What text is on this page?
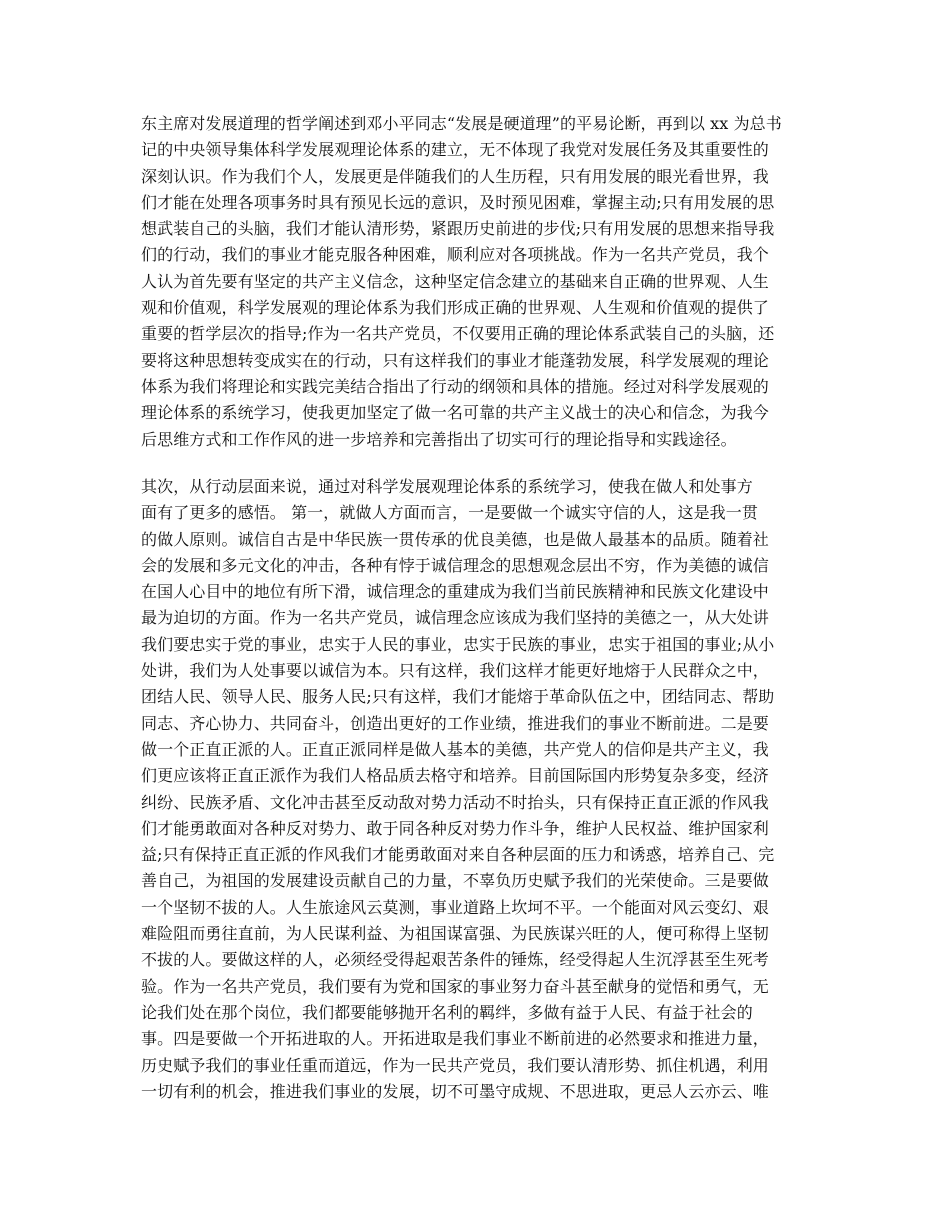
东主席对发展道理的哲学阐述到邓小平同志“发展是硬道理”的平易论断，再到以 xx 为总书
记的中央领导集体科学发展观理论体系的建立，无不体现了我党对发展任务及其重要性的
深刻认识。作为我们个人，发展更是伴随我们的人生历程，只有用发展的眼光看世界，我
们才能在处理各项事务时具有预见长远的意识，及时预见困难，掌握主动;只有用发展的思
想武装自己的头脑，我们才能认清形势，紧跟历史前进的步伐;只有用发展的思想来指导我
们的行动，我们的事业才能克服各种困难，顺利应对各项挑战。作为一名共产党员，我个
人认为首先要有坚定的共产主义信念，这种坚定信念建立的基础来自正确的世界观、人生
观和价值观，科学发展观的理论体系为我们形成正确的世界观、人生观和价值观的提供了
重要的哲学层次的指导;作为一名共产党员，不仅要用正确的理论体系武装自己的头脑，还
要将这种思想转变成实在的行动，只有这样我们的事业才能蓬勃发展，科学发展观的理论
体系为我们将理论和实践完美结合指出了行动的纲领和具体的措施。经过对科学发展观的
理论体系的系统学习，使我更加坚定了做一名可靠的共产主义战士的决心和信念，为我今
后思维方式和工作作风的进一步培养和完善指出了切实可行的理论指导和实践途径。
其次，从行动层面来说，通过对科学发展观理论体系的系统学习，使我在做人和处事方
面有了更多的感悟。 第一，就做人方面而言，一是要做一个诚实守信的人，这是我一贯
的做人原则。诚信自古是中华民族一贯传承的优良美德，也是做人最基本的品质。随着社
会的发展和多元文化的冲击，各种有悖于诚信理念的思想观念层出不穷，作为美德的诚信
在国人心目中的地位有所下滑，诚信理念的重建成为我们当前民族精神和民族文化建设中
最为迫切的方面。作为一名共产党员，诚信理念应该成为我们坚持的美德之一，从大处讲
我们要忠实于党的事业，忠实于人民的事业，忠实于民族的事业，忠实于祖国的事业;从小
处讲，我们为人处事要以诚信为本。只有这样，我们这样才能更好地熔于人民群众之中，
团结人民、领导人民、服务人民;只有这样，我们才能熔于革命队伍之中，团结同志、帮助
同志、齐心协力、共同奋斗，创造出更好的工作业绩，推进我们的事业不断前进。二是要
做一个正直正派的人。正直正派同样是做人基本的美德，共产党人的信仰是共产主义，我
们更应该将正直正派作为我们人格品质去格守和培养。目前国际国内形势复杂多变，经济
纠纷、民族矛盾、文化冲击甚至反动敌对势力活动不时抬头，只有保持正直正派的作风我
们才能勇敢面对各种反对势力、敢于同各种反对势力作斗争，维护人民权益、维护国家利
益;只有保持正直正派的作风我们才能勇敢面对来自各种层面的压力和诱惑，培养自己、完
善自己，为祖国的发展建设贡献自己的力量，不辜负历史赋予我们的光荣使命。三是要做
一个坚韧不拔的人。人生旅途风云莫测，事业道路上坎坷不平。一个能面对风云变幻、艰
难险阻而勇往直前，为人民谋利益、为祖国谋富强、为民族谋兴旺的人，便可称得上坚韧
不拔的人。要做这样的人，必须经受得起艰苦条件的锤炼，经受得起人生沉浮甚至生死考
验。作为一名共产党员，我们要有为党和国家的事业努力奋斗甚至献身的觉悟和勇气，无
论我们处在那个岗位，我们都要能够抛开名利的羁绊，多做有益于人民、有益于社会的
事。四是要做一个开拓进取的人。开拓进取是我们事业不断前进的必然要求和推进力量，
历史赋予我们的事业任重而道远，作为一民共产党员，我们要认清形势、抓住机遇，利用
一切有利的机会，推进我们事业的发展，切不可墨守成规、不思进取，更忌人云亦云、唯
